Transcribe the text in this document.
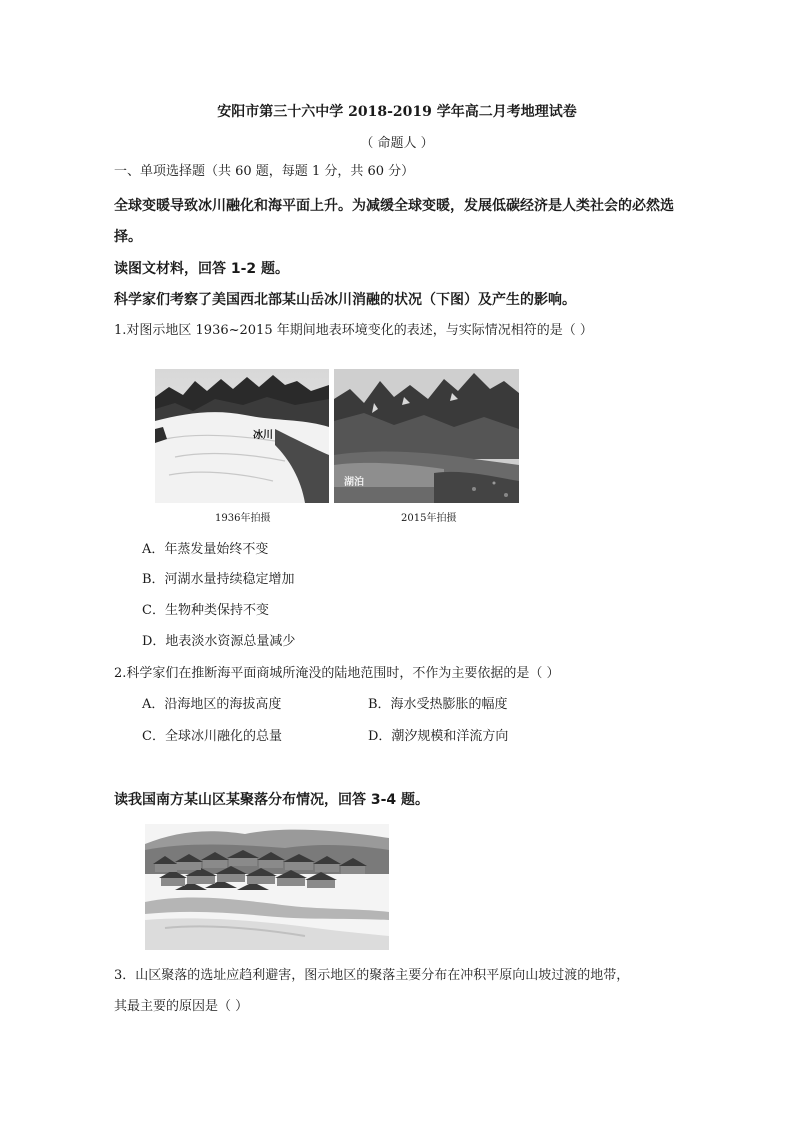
安阳市第三十六中学 2018-2019 学年高二月考地理试卷
（ 命题人 ）
一、单项选择题（共 60 题，每题 1 分，共 60 分）
全球变暖导致冰川融化和海平面上升。为减缓全球变暖，发展低碳经济是人类社会的必然选
择。
读图文材料，回答 1-2 题。
科学家们考察了美国西北部某山岳冰川消融的状况（下图）及产生的影响。
1.对图示地区 1936~2015 年期间地表环境变化的表述，与实际情况相符的是（ ）
冰川
1936年拍摄
湖泊
2015年拍摄
A．年蒸发量始终不变
B．河湖水量持续稳定增加
C．生物种类保持不变
D．地表淡水资源总量减少
2.科学家们在推断海平面商城所淹没的陆地范围时，不作为主要依据的是（ ）
A．沿海地区的海拔高度	B．海水受热膨胀的幅度
C．全球冰川融化的总量	D．潮汐规模和洋流方向
读我国南方某山区某聚落分布情况，回答 3-4 题。
3．山区聚落的选址应趋利避害，图示地区的聚落主要分布在冲积平原向山坡过渡的地带，
其最主要的原因是（ ）
